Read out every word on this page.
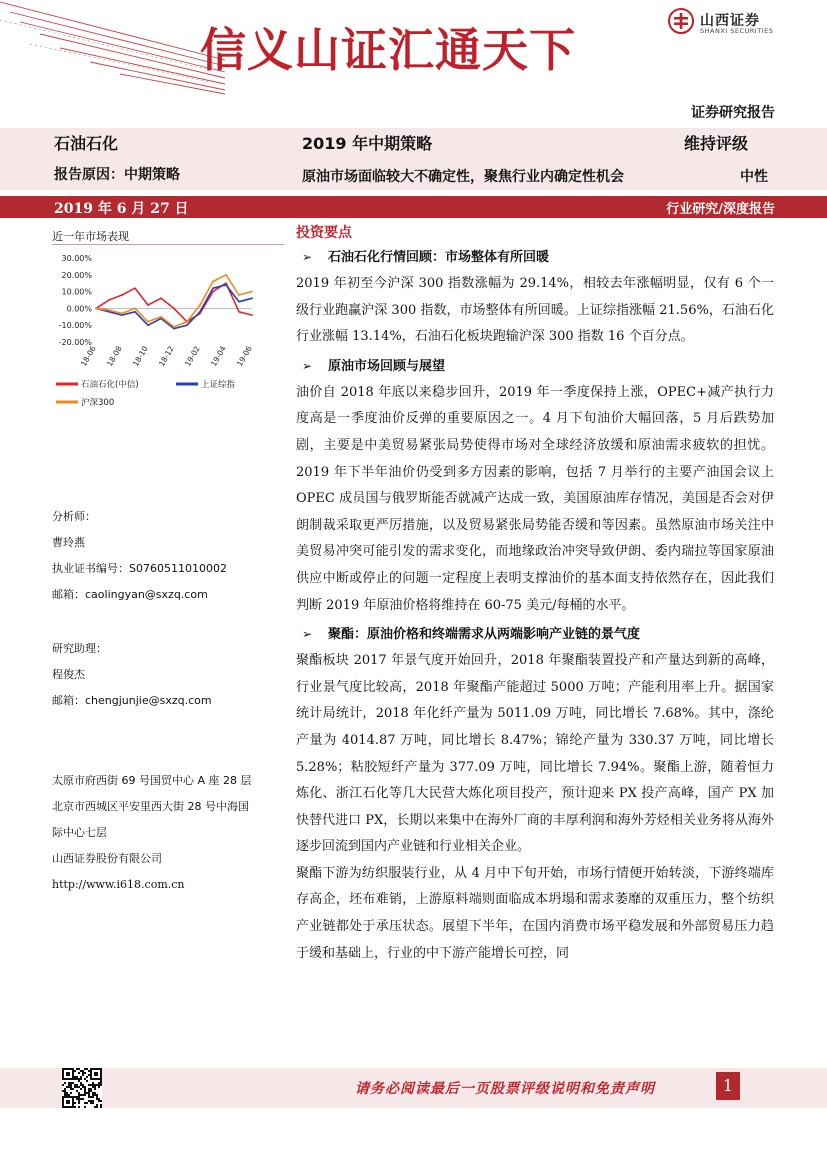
信义山证汇通天下
山西证券
SHANXI SECURITIES
证券研究报告
石油石化	2019 年中期策略	维持评级
报告原因：中期策略	原油市场面临较大不确定性，聚焦行业内确定性机会	中性
2019 年 6 月 27 日	行业研究/深度报告
近一年市场表现
30.00%
20.00%
10.00%
0.00%
-10.00%
-20.00%
18-06 18-08 18-10 18-12 19-02 19-04 19-06
石油石化(中信)	上证综指
沪深300
分析师：
曹玲燕
执业证书编号：S0760511010002
邮箱：caolingyan@sxzq.com
研究助理：
程俊杰
邮箱：chengjunjie@sxzq.com
太原市府西街 69 号国贸中心 A 座 28 层
北京市西城区平安里西大街 28 号中海国
际中心七层
山西证券股份有限公司
http://www.i618.com.cn
投资要点
➢ 石油石化行情回顾：市场整体有所回暖

2019 年初至今沪深 300 指数涨幅为 29.14%，相较去年涨幅明显，仅有 6 个一级行业跑赢沪深 300 指数，市场整体有所回暖。上证综指涨幅 21.56%，石油石化行业涨幅 13.14%，石油石化板块跑输沪深 300 指数 16 个百分点。

➢ 原油市场回顾与展望

油价自 2018 年底以来稳步回升，2019 年一季度保持上涨，OPEC+减产执行力度高是一季度油价反弹的重要原因之一。4 月下旬油价大幅回落，5 月后跌势加剧，主要是中美贸易紧张局势使得市场对全球经济放缓和原油需求疲软的担忧。2019 年下半年油价仍受到多方因素的影响，包括 7 月举行的主要产油国会议上 OPEC 成员国与俄罗斯能否就减产达成一致，美国原油库存情况，美国是否会对伊朗制裁采取更严厉措施，以及贸易紧张局势能否缓和等因素。虽然原油市场关注中美贸易冲突可能引发的需求变化，而地缘政治冲突导致伊朗、委内瑞拉等国家原油供应中断或停止的问题一定程度上表明支撑油价的基本面支持依然存在，因此我们判断 2019 年原油价格将维持在 60-75 美元/每桶的水平。

➢ 聚酯：原油价格和终端需求从两端影响产业链的景气度

聚酯板块 2017 年景气度开始回升，2018 年聚酯装置投产和产量达到新的高峰，行业景气度比较高，2018 年聚酯产能超过 5000 万吨；产能利用率上升。据国家统计局统计，2018 年化纤产量为 5011.09 万吨，同比增长 7.68%。其中，涤纶产量为 4014.87 万吨，同比增长 8.47%；锦纶产量为 330.37 万吨，同比增长 5.28%；粘胶短纤产量为 377.09 万吨，同比增长 7.94%。聚酯上游，随着恒力炼化、浙江石化等几大民营大炼化项目投产，预计迎来 PX 投产高峰，国产 PX 加快替代进口 PX，长期以来集中在海外厂商的丰厚利润和海外芳烃相关业务将从海外逐步回流到国内产业链和行业相关企业。

聚酯下游为纺织服装行业，从 4 月中下旬开始，市场行情便开始转淡，下游终端库存高企，坯布难销，上游原料端则面临成本坍塌和需求萎靡的双重压力，整个纺织产业链都处于承压状态。展望下半年，在国内消费市场平稳发展和外部贸易压力趋于缓和基础上，行业的中下游产能增长可控，同

请务必阅读最后一页股票评级说明和免责声明	1
